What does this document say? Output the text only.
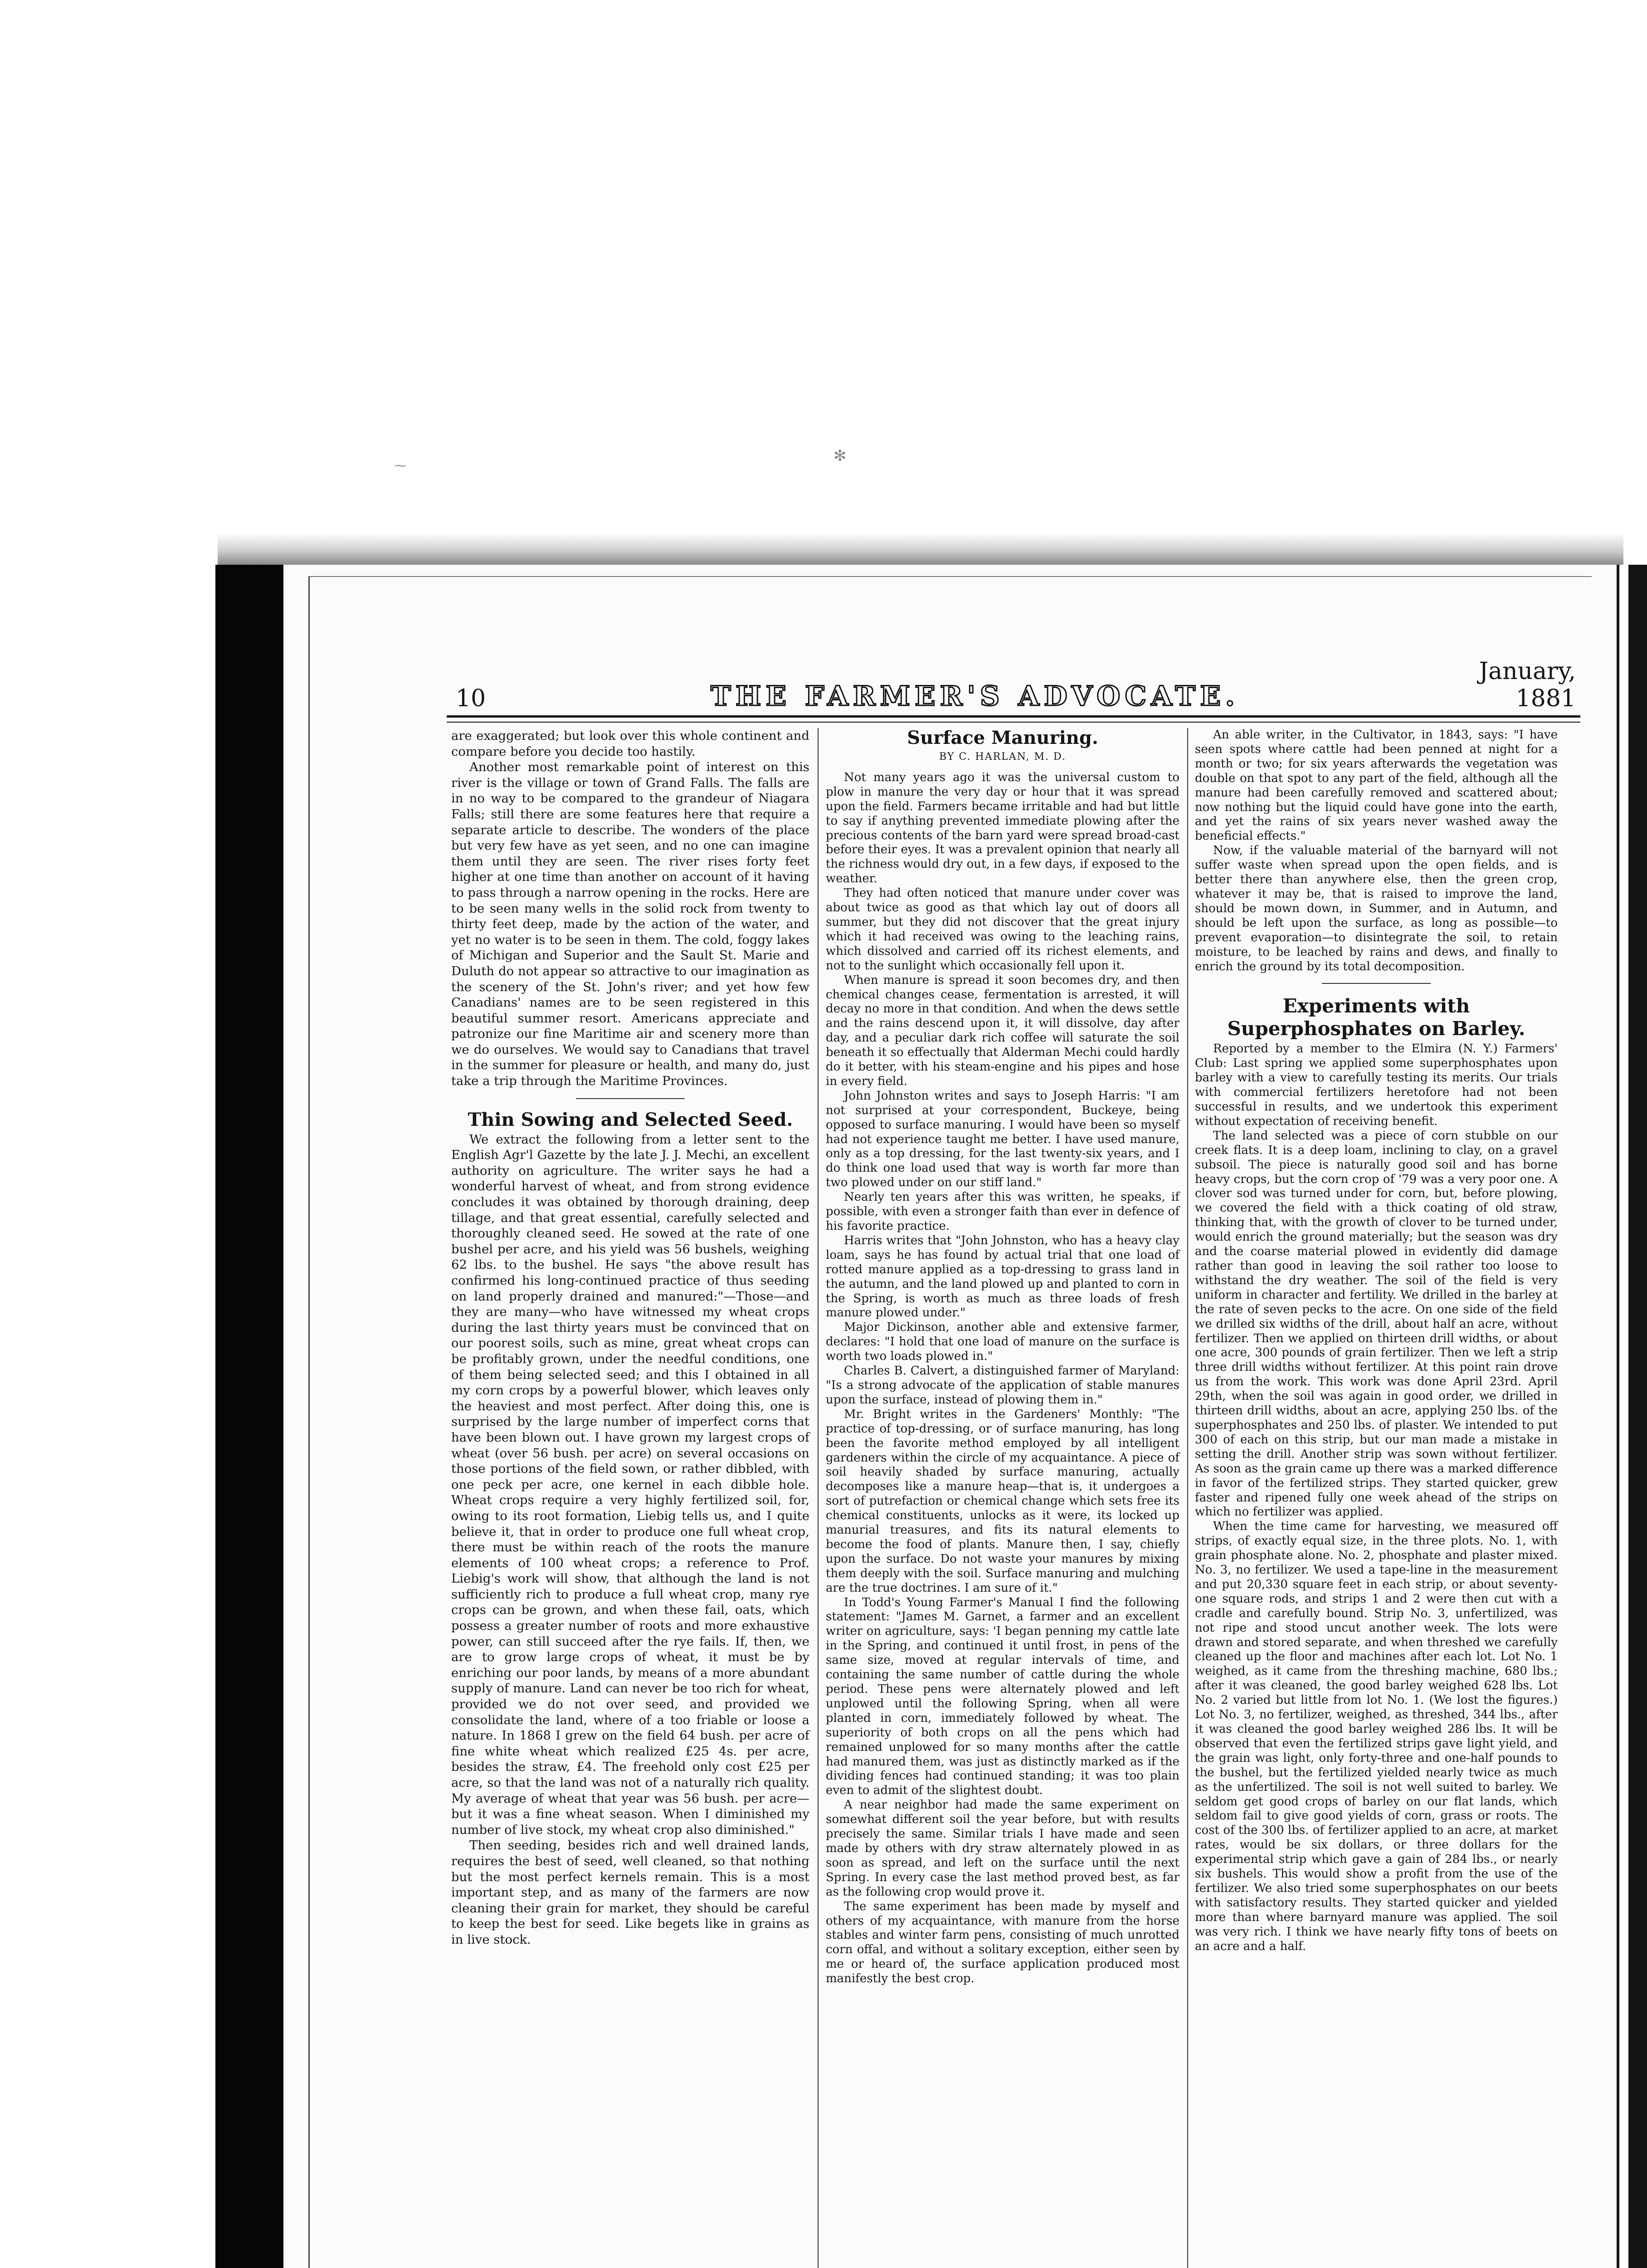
✻
⁓
10	THE FARMER'S ADVOCATE.
January, 1881

are exaggerated; but look over this whole continent and compare before you decide too hastily.

Another most remarkable point of interest on this river is the village or town of Grand Falls. The falls are in no way to be compared to the grandeur of Niagara Falls; still there are some features here that require a separate article to describe. The wonders of the place but very few have as yet seen, and no one can imagine them until they are seen. The river rises forty feet higher at one time than another on account of it having to pass through a narrow opening in the rocks. Here are to be seen many wells in the solid rock from twenty to thirty feet deep, made by the action of the water, and yet no water is to be seen in them. The cold, foggy lakes of Michigan and Superior and the Sault St. Marie and Duluth do not appear so attractive to our imagination as the scenery of the St. John's river; and yet how few Canadians' names are to be seen registered in this beautiful summer resort. Americans appreciate and patronize our fine Maritime air and scenery more than we do ourselves. We would say to Canadians that travel in the summer for pleasure or health, and many do, just take a trip through the Maritime Provinces.

Thin Sowing and Selected Seed.

We extract the following from a letter sent to the English Agr'l Gazette by the late J. J. Mechi, an excellent authority on agriculture. The writer says he had a wonderful harvest of wheat, and from strong evidence concludes it was obtained by thorough draining, deep tillage, and that great essential, carefully selected and thoroughly cleaned seed. He sowed at the rate of one bushel per acre, and his yield was 56 bushels, weighing 62 lbs. to the bushel. He says "the above result has confirmed his long-continued practice of thus seeding on land properly drained and manured:"—Those—and they are many—who have witnessed my wheat crops during the last thirty years must be convinced that on our poorest soils, such as mine, great wheat crops can be profitably grown, under the needful conditions, one of them being selected seed; and this I obtained in all my corn crops by a powerful blower, which leaves only the heaviest and most perfect. After doing this, one is surprised by the large number of imperfect corns that have been blown out. I have grown my largest crops of wheat (over 56 bush. per acre) on several occasions on those portions of the field sown, or rather dibbled, with one peck per acre, one kernel in each dibble hole. Wheat crops require a very highly fertilized soil, for, owing to its root formation, Liebig tells us, and I quite believe it, that in order to produce one full wheat crop, there must be within reach of the roots the manure elements of 100 wheat crops; a reference to Prof. Liebig's work will show, that although the land is not sufficiently rich to produce a full wheat crop, many rye crops can be grown, and when these fail, oats, which possess a greater number of roots and more exhaustive power, can still succeed after the rye fails. If, then, we are to grow large crops of wheat, it must be by enriching our poor lands, by means of a more abundant supply of manure. Land can never be too rich for wheat, provided we do not over seed, and provided we consolidate the land, where of a too friable or loose a nature. In 1868 I grew on the field 64 bush. per acre of fine white wheat which realized £25 4s. per acre, besides the straw, £4. The freehold only cost £25 per acre, so that the land was not of a naturally rich quality. My average of wheat that year was 56 bush. per acre—but it was a fine wheat season. When I diminished my number of live stock, my wheat crop also diminished."

Then seeding, besides rich and well drained lands, requires the best of seed, well cleaned, so that nothing but the most perfect kernels remain. This is a most important step, and as many of the farmers are now cleaning their grain for market, they should be careful to keep the best for seed. Like begets like in grains as in live stock.

Surface Manuring.
BY C. HARLAN, M. D.

Not many years ago it was the universal custom to plow in manure the very day or hour that it was spread upon the field. Farmers became irritable and had but little to say if anything prevented immediate plowing after the precious contents of the barn yard were spread broad-cast before their eyes. It was a prevalent opinion that nearly all the richness would dry out, in a few days, if exposed to the weather.

They had often noticed that manure under cover was about twice as good as that which lay out of doors all summer, but they did not discover that the great injury which it had received was owing to the leaching rains, which dissolved and carried off its richest elements, and not to the sunlight which occasionally fell upon it.

When manure is spread it soon becomes dry, and then chemical changes cease, fermentation is arrested, it will decay no more in that condition. And when the dews settle and the rains descend upon it, it will dissolve, day after day, and a peculiar dark rich coffee will saturate the soil beneath it so effectually that Alderman Mechi could hardly do it better, with his steam-engine and his pipes and hose in every field.

John Johnston writes and says to Joseph Harris: "I am not surprised at your correspondent, Buckeye, being opposed to surface manuring. I would have been so myself had not experience taught me better. I have used manure, only as a top dressing, for the last twenty-six years, and I do think one load used that way is worth far more than two plowed under on our stiff land."

Nearly ten years after this was written, he speaks, if possible, with even a stronger faith than ever in defence of his favorite practice.

Harris writes that "John Johnston, who has a heavy clay loam, says he has found by actual trial that one load of rotted manure applied as a top-dressing to grass land in the autumn, and the land plowed up and planted to corn in the Spring, is worth as much as three loads of fresh manure plowed under."

Major Dickinson, another able and extensive farmer, declares: "I hold that one load of manure on the surface is worth two loads plowed in."

Charles B. Calvert, a distinguished farmer of Maryland: "Is a strong advocate of the application of stable manures upon the surface, instead of plowing them in."

Mr. Bright writes in the Gardeners' Monthly: "The practice of top-dressing, or of surface manuring, has long been the favorite method employed by all intelligent gardeners within the circle of my acquaintance. A piece of soil heavily shaded by surface manuring, actually decomposes like a manure heap—that is, it undergoes a sort of putrefaction or chemical change which sets free its chemical constituents, unlocks as it were, its locked up manurial treasures, and fits its natural elements to become the food of plants. Manure then, I say, chiefly upon the surface. Do not waste your manures by mixing them deeply with the soil. Surface manuring and mulching are the true doctrines. I am sure of it."

In Todd's Young Farmer's Manual I find the following statement: "James M. Garnet, a farmer and an excellent writer on agriculture, says: 'I began penning my cattle late in the Spring, and continued it until frost, in pens of the same size, moved at regular intervals of time, and containing the same number of cattle during the whole period. These pens were alternately plowed and left unplowed until the following Spring, when all were planted in corn, immediately followed by wheat. The superiority of both crops on all the pens which had remained unplowed for so many months after the cattle had manured them, was just as distinctly marked as if the dividing fences had continued standing; it was too plain even to admit of the slightest doubt.

A near neighbor had made the same experiment on somewhat different soil the year before, but with results precisely the same. Similar trials I have made and seen made by others with dry straw alternately plowed in as soon as spread, and left on the surface until the next Spring. In every case the last method proved best, as far as the following crop would prove it.

The same experiment has been made by myself and others of my acquaintance, with manure from the horse stables and winter farm pens, consisting of much unrotted corn offal, and without a solitary exception, either seen by me or heard of, the surface application produced most manifestly the best crop.

An able writer, in the Cultivator, in 1843, says: "I have seen spots where cattle had been penned at night for a month or two; for six years afterwards the vegetation was double on that spot to any part of the field, although all the manure had been carefully removed and scattered about; now nothing but the liquid could have gone into the earth, and yet the rains of six years never washed away the beneficial effects."

Now, if the valuable material of the barnyard will not suffer waste when spread upon the open fields, and is better there than anywhere else, then the green crop, whatever it may be, that is raised to improve the land, should be mown down, in Summer, and in Autumn, and should be left upon the surface, as long as possible—to prevent evaporation—to disintegrate the soil, to retain moisture, to be leached by rains and dews, and finally to enrich the ground by its total decomposition.

Experiments with Superphosphates on Barley.

Reported by a member to the Elmira (N. Y.) Farmers' Club: Last spring we applied some superphosphates upon barley with a view to carefully testing its merits. Our trials with commercial fertilizers heretofore had not been successful in results, and we undertook this experiment without expectation of receiving benefit.

The land selected was a piece of corn stubble on our creek flats. It is a deep loam, inclining to clay, on a gravel subsoil. The piece is naturally good soil and has borne heavy crops, but the corn crop of '79 was a very poor one. A clover sod was turned under for corn, but, before plowing, we covered the field with a thick coating of old straw, thinking that, with the growth of clover to be turned under, would enrich the ground materially; but the season was dry and the coarse material plowed in evidently did damage rather than good in leaving the soil rather too loose to withstand the dry weather. The soil of the field is very uniform in character and fertility. We drilled in the barley at the rate of seven pecks to the acre. On one side of the field we drilled six widths of the drill, about half an acre, without fertilizer. Then we applied on thirteen drill widths, or about one acre, 300 pounds of grain fertilizer. Then we left a strip three drill widths without fertilizer. At this point rain drove us from the work. This work was done April 23rd. April 29th, when the soil was again in good order, we drilled in thirteen drill widths, about an acre, applying 250 lbs. of the superphosphates and 250 lbs. of plaster. We intended to put 300 of each on this strip, but our man made a mistake in setting the drill. Another strip was sown without fertilizer. As soon as the grain came up there was a marked difference in favor of the fertilized strips. They started quicker, grew faster and ripened fully one week ahead of the strips on which no fertilizer was applied.

When the time came for harvesting, we measured off strips, of exactly equal size, in the three plots. No. 1, with grain phosphate alone. No. 2, phosphate and plaster mixed. No. 3, no fertilizer. We used a tape-line in the measurement and put 20,330 square feet in each strip, or about seventy-one square rods, and strips 1 and 2 were then cut with a cradle and carefully bound. Strip No. 3, unfertilized, was not ripe and stood uncut another week. The lots were drawn and stored separate, and when threshed we carefully cleaned up the floor and machines after each lot. Lot No. 1 weighed, as it came from the threshing machine, 680 lbs.; after it was cleaned, the good barley weighed 628 lbs. Lot No. 2 varied but little from lot No. 1. (We lost the figures.) Lot No. 3, no fertilizer, weighed, as threshed, 344 lbs., after it was cleaned the good barley weighed 286 lbs. It will be observed that even the fertilized strips gave light yield, and the grain was light, only forty-three and one-half pounds to the bushel, but the fertilized yielded nearly twice as much as the unfertilized. The soil is not well suited to barley. We seldom get good crops of barley on our flat lands, which seldom fail to give good yields of corn, grass or roots. The cost of the 300 lbs. of fertilizer applied to an acre, at market rates, would be six dollars, or three dollars for the experimental strip which gave a gain of 284 lbs., or nearly six bushels. This would show a profit from the use of the fertilizer. We also tried some superphosphates on our beets with satisfactory results. They started quicker and yielded more than where barnyard manure was applied. The soil was very rich. I think we have nearly fifty tons of beets on an acre and a half.
